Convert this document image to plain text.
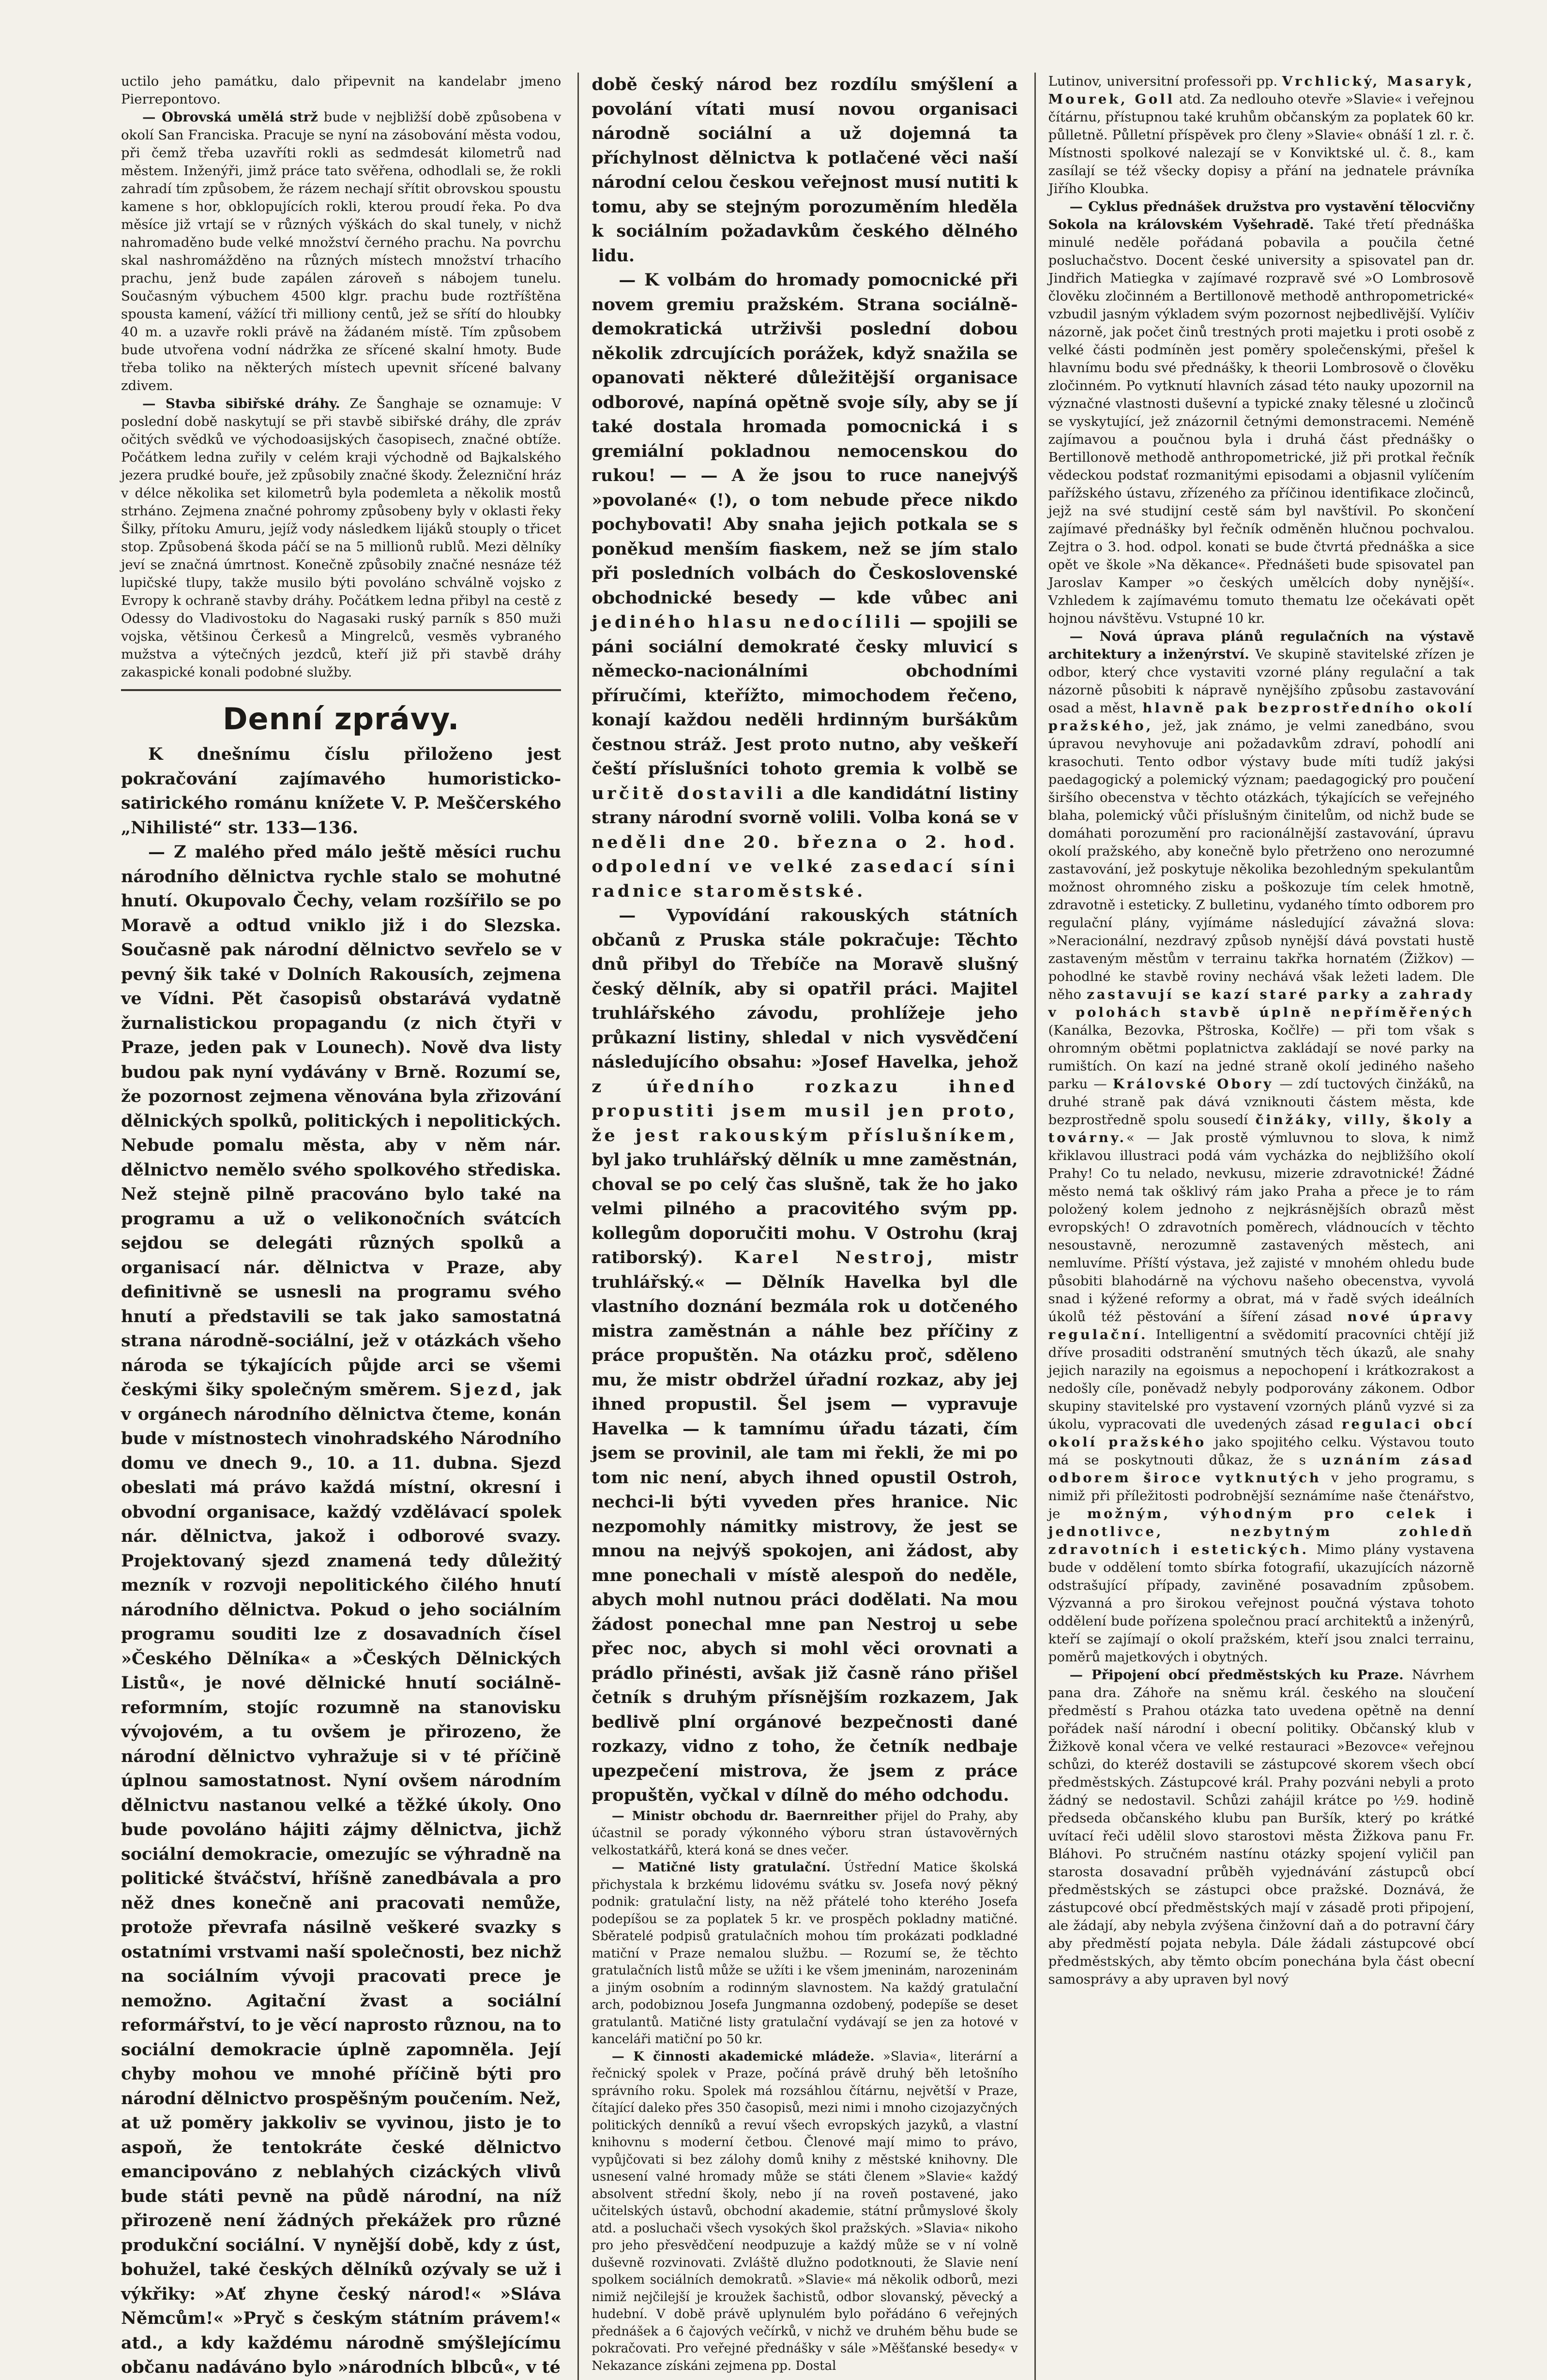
uctilo jeho památku, dalo připevnit na kandelabr jmeno Pierrepontovo.

— Obrovská umělá strž bude v nejbližší době způsobena v okolí San Franciska. Pracuje se nyní na zásobování města vodou, při čemž třeba uzavříti rokli as sedmdesát kilometrů nad městem. Inženýři, jimž práce tato svěřena, odhodlali se, že rokli zahradí tím způsobem, že rázem nechají sřítit obrovskou spoustu kamene s hor, obklopujících rokli, kterou proudí řeka. Po dva měsíce již vrtají se v různých výškách do skal tunely, v nichž nahromaděno bude velké množství černého prachu. Na povrchu skal nashromážděno na různých místech množství trhacího prachu, jenž bude zapálen zároveň s nábojem tunelu. Současným výbuchem 4500 klgr. prachu bude roztříštěna spousta kamení, vážící tři milliony centů, jež se sřítí do hloubky 40 m. a uzavře rokli právě na žádaném místě. Tím způsobem bude utvořena vodní nádržka ze sřícené skalní hmoty. Bude třeba toliko na některých místech upevnit sřícené balvany zdivem.

— Stavba sibiřské dráhy. Ze Šanghaje se oznamuje: V poslední době naskytují se při stavbě sibiřské dráhy, dle zpráv očitých svědků ve východoasijských časopisech, značné obtíže. Počátkem ledna zuřily v celém kraji východně od Bajkalského jezera prudké bouře, jež způsobily značné škody. Železniční hráz v délce několika set kilometrů byla podemleta a několik mostů strháno. Zejmena značné pohromy způsobeny byly v oklasti řeky Šilky, přítoku Amuru, jejíž vody následkem lijáků stouply o třicet stop. Způsobená škoda páčí se na 5 millionů rublů. Mezi dělníky jeví se značná úmrtnost. Konečně způsobily značné nesnáze též lupičské tlupy, takže musilo býti povoláno schválně vojsko z Evropy k ochraně stavby dráhy. Počátkem ledna přibyl na cestě z Odessy do Vladivostoku do Nagasaki ruský parník s 850 muži vojska, většinou Čerkesů a Mingrelců, vesměs vybraného mužstva a výtečných jezdců, kteří již při stavbě dráhy zakaspické konali podobné služby.

Denní zprávy.

K dnešnímu číslu přiloženo jest pokračování zajímavého humoristicko-satirického románu knížete V. P. Meščerského „Nihilisté“ str. 133—136.

— Z malého před málo ještě měsíci ruchu národního dělnictva rychle stalo se mohutné hnutí. Okupovalo Čechy, velam rozšířilo se po Moravě a odtud vniklo již i do Slezska. Současně pak národní dělnictvo sevřelo se v pevný šik také v Dolních Rakousích, zejmena ve Vídni. Pět časopisů obstarává vydatně žurnalistickou propagandu (z nich čtyři v Praze, jeden pak v Lounech). Nově dva listy budou pak nyní vydávány v Brně. Rozumí se, že pozornost zejmena věnována byla zřizování dělnických spolků, politických i nepolitických. Nebude pomalu města, aby v něm nár. dělnictvo nemělo svého spolkového střediska. Než stejně pilně pracováno bylo také na programu a už o velikonočních svátcích sejdou se delegáti různých spolků a organisací nár. dělnictva v Praze, aby definitivně se usnesli na programu svého hnutí a představili se tak jako samostatná strana národně-sociální, jež v otázkách všeho národa se týkajících půjde arci se všemi českými šiky společným směrem. Sjezd, jak v orgánech národního dělnictva čteme, konán bude v místnostech vinohradského Národního domu ve dnech 9., 10. a 11. dubna. Sjezd obeslati má právo každá místní, okresní i obvodní organisace, každý vzdělávací spolek nár. dělnictva, jakož i odborové svazy. Projektovaný sjezd znamená tedy důležitý mezník v rozvoji nepolitického čilého hnutí národního dělnictva. Pokud o jeho sociálním programu souditi lze z dosavadních čísel »Českého Dělníka« a »Českých Dělnických Listů«, je nové dělnické hnutí sociálně-reformním, stojíc rozumně na stanovisku vývojovém, a tu ovšem je přirozeno, že národní dělnictvo vyhražuje si v té příčině úplnou samostatnost. Nyní ovšem národním dělnictvu nastanou velké a těžké úkoly. Ono bude povoláno hájiti zájmy dělnictva, jichž sociální demokracie, omezujíc se výhradně na politické štváčství, hříšně zanedbávala a pro něž dnes konečně ani pracovati nemůže, protože převrafa násilně veškeré svazky s ostatními vrstvami naší společnosti, bez nichž na sociálním vývoji pracovati prece je nemožno. Agitační žvast a sociální reformářství, to je věcí naprosto různou, na to sociální demokracie úplně zapomněla. Její chyby mohou ve mnohé příčině býti pro národní dělnictvo prospěšným poučením. Než, at už poměry jakkoliv se vyvinou, jisto je to aspoň, že tentokráte české dělnictvo emancipováno z neblahých cizáckých vlivů bude státi pevně na půdě národní, na níž přirozeně není žádných překážek pro různé produkční sociální. V nynější době, kdy z úst, bohužel, také českých dělníků ozývaly se už i výkřiky: »Ať zhyne český národ!« »Sláva Němcům!« »Pryč s českým státním právem!« atd., a kdy každému národně smýšlejícímu občanu nadáváno bylo »národních blbců«, v té

době český národ bez rozdílu smýšlení a povolání vítati musí novou organisaci národně sociální a už dojemná ta příchylnost dělnictva k potlačené věci naší národní celou českou veřejnost musí nutiti k tomu, aby se stejným porozuměním hleděla k sociálním požadavkům českého dělného lidu.

— K volbám do hromady pomocnické při novem gremiu pražském. Strana sociálně-demokratická utrživši poslední dobou několik zdrcujících porážek, když snažila se opanovati některé důležitější organisace odborové, napíná opětně svoje síly, aby se jí také dostala hromada pomocnická i s gremiální pokladnou nemocenskou do rukou! — — A že jsou to ruce nanejvýš »povolané« (!), o tom nebude přece nikdo pochybovati! Aby snaha jejich potkala se s poněkud menším fiaskem, než se jím stalo při posledních volbách do Československé obchodnické besedy — kde vůbec ani jediného hlasu nedocílili — spojili se páni sociální demokraté česky mluvicí s německo-nacionálními obchodními příručími, kteřížto, mimochodem řečeno, konají každou neděli hrdinným buršákům čestnou stráž. Jest proto nutno, aby veškeří čeští příslušníci tohoto gremia k volbě se určitě dostavili a dle kandidátní listiny strany národní svorně volili. Volba koná se v neděli dne 20. března o 2. hod. odpolední ve velké zasedací síni radnice staroměstské.

— Vypovídání rakouských státních občanů z Pruska stále pokračuje: Těchto dnů přibyl do Třebíče na Moravě slušný český dělník, aby si opatřil práci. Majitel truhlářského závodu, prohlížeje jeho průkazní listiny, shledal v nich vysvědčení následujícího obsahu: »Josef Havelka, jehož z	úředního rozkazu ihned propustiti jsem musil jen proto, že jest rakouským příslušníkem, byl jako truhlářský dělník u mne zaměstnán, choval se po celý čas slušně, tak že ho jako velmi pilného a pracovitého svým pp. kollegům doporučiti mohu. V Ostrohu (kraj ratiborský). Karel Nestroj, mistr truhlářský.« — Dělník Havelka byl dle vlastního doznání bezmála rok u dotčeného mistra zaměstnán a náhle bez příčiny z práce propuštěn. Na otázku proč, sděleno mu, že mistr obdržel úřadní rozkaz, aby jej ihned propustil. Šel jsem — vypravuje Havelka — k tamnímu úřadu tázati, čím jsem se provinil, ale tam mi řekli, že mi po tom nic není, abych ihned opustil Ostroh, nechci-li býti vyveden přes hranice. Nic nezpomohly námitky mistrovy, že jest se mnou na nejvýš spokojen, ani žádost, aby mne ponechali v místě alespoň do neděle, abych mohl nutnou práci dodělati. Na mou žádost ponechal mne pan Nestroj u sebe přec noc, abych si mohl věci orovnati a prádlo přinésti, avšak již časně ráno přišel četník s druhým přísnějším rozkazem, Jak bedlivě plní orgánové bezpečnosti dané rozkazy, vidno z toho, že četník nedbaje upezpečení mistrova, že jsem z práce propuštěn, vyčkal v dílně do mého odchodu.

— Ministr obchodu dr. Baernreither přijel do Prahy, aby účastnil se porady výkonného výboru stran ústavověrných velkostatkářů, která koná se dnes večer.

— Matičné listy gratulační. Ústřední Matice školská přichystala k brzkému lidovému svátku sv. Josefa nový pěkný podnik: gratulační listy, na něž přátelé toho kterého Josefa podepíšou se za poplatek 5 kr. ve prospěch pokladny matičné. Sběratelé podpisů gratulačních mohou tím prokázati podkladné matiční v Praze nemalou službu. — Rozumí se, že těchto gratulačních listů může se užíti i ke všem jmeninám, narozeninám a jiným osobním a rodinným slavnostem. Na každý gratulační arch, podobiznou Josefa Jungmanna ozdobený, podepíše se deset gratulantů. Matičné listy gratulační vydávají se jen za hotové v kanceláři matiční po 50 kr.

— K činnosti akademické mládeže. »Slavia«, literární a řečnický spolek v Praze, počíná právě druhý běh letošního správního roku. Spolek má rozsáhlou čítárnu, největší v Praze, čítající daleko přes 350 časopisů, mezi nimi i mnoho cizojazyčných politických denníků a revuí všech evropských jazyků, a vlastní knihovnu s moderní četbou. Členové mají mimo to právo, vypůjčovati si bez zálohy domů knihy z městské knihovny. Dle usnesení valné hromady může se státi členem »Slavie« každý absolvent střední školy, nebo jí na roveň postavené, jako učitelských ústavů, obchodní akademie, státní průmyslové školy atd. a posluchači všech vysokých škol pražských. »Slavia« nikoho pro jeho přesvědčení neodpuzuje a každý může se v ní volně duševně rozvinovati. Zvláště dlužno podotknouti, že Slavie není spolkem sociálních demokratů. »Slavie« má několik odborů, mezi nimiž nejčilejší je kroužek šachistů, odbor slovanský, pěvecký a hudební. V době právě uplynulém bylo pořádáno 6 veřejných přednášek a 6 čajových večírků, v nichž ve druhém běhu bude se pokračovati. Pro veřejné přednášky v sále »Měšťanské besedy« v Nekazance získáni zejmena pp. Dostal

Lutinov, universitní professoři pp. Vrchlický, Masaryk, Mourek, Goll atd. Za nedlouho otevře »Slavie« i veřejnou čítárnu, přístupnou také kruhům občanským za poplatek 60 kr. půlletně. Půlletní příspěvek pro členy »Slavie« obnáší 1 zl. r. č. Místnosti spolkové nalezají se v Konviktské ul. č. 8., kam zasílají se též všecky dopisy a přání na jednatele právníka Jiřího Kloubka.

— Cyklus přednášek družstva pro vystavění tělocvičny Sokola na královském Vyšehradě. Také třetí přednáška minulé neděle pořádaná pobavila a poučila četné posluchačstvo. Docent české university a spisovatel pan dr. Jindřich Matiegka v zajímavé rozpravě své »O Lombrosově člověku zločinném a Bertillonově methodě anthropometrické« vzbudil jasným výkladem svým pozornost nejbedlivější. Vylíčiv názorně, jak počet činů trestných proti majetku i proti osobě z velké části podmíněn jest poměry společenskými, přešel k hlavnímu bodu své přednášky, k theorii Lombrosově o člověku zločinném. Po vytknutí hlavních zásad této nauky upozornil na význačné vlastnosti duševní a typické znaky tělesné u zločinců se vyskytující, jež znázornil četnými demonstracemi. Neméně zajímavou a poučnou byla i druhá část přednášky o Bertillonově methodě anthropometrické, již při protkal řečník vědeckou podstať rozmanitými episodami a objasnil vylíčením pařížského ústavu, zřízeného za příčinou identifikace zločinců, jejž na své studijní cestě sám byl navštívil. Po skončení zajímavé přednášky byl řečník odměněn hlučnou pochvalou. Zejtra o 3. hod. odpol. konati se bude čtvrtá přednáška a sice opět ve škole »Na děkance«. Přednášeti bude spisovatel pan Jaroslav Kamper »o českých umělcích doby nynější«. Vzhledem k zajímavému tomuto thematu lze očekávati opět hojnou návštěvu. Vstupné 10 kr.

— Nová úprava plánů regulačních na výstavě architektury a inženýrství. Ve skupině stavitelské zřízen je odbor, který chce vystaviti vzorné plány regulační a tak názorně působiti k nápravě nynějšího způsobu zastavování osad a měst, hlavně pak bezprostředního okolí pražského, jež, jak známo, je velmi zanedbáno, svou úpravou nevyhovuje ani požadavkům zdraví, pohodlí ani krasochuti. Tento odbor výstavy bude míti tudíž jakýsi paedagogický a polemický význam; paedagogický pro poučení širšího obecenstva v těchto otázkách, týkajících se veřejného blaha, polemický vůči příslušným činitelům, od nichž bude se domáhati porozumění pro racionálnější zastavování, úpravu okolí pražského, aby konečně bylo přetrženo ono nerozumné zastavování, jež poskytuje několika bezohledným spekulantům možnost ohromného zisku a poškozuje tím celek hmotně, zdravotně i esteticky. Z bulletinu, vydaného tímto odborem pro regulační plány, vyjímáme následující závažná slova: »Neracionální, nezdravý způsob nynější dává povstati hustě zastaveným městům v terrainu takřka hornatém (Žižkov) — pohodlné ke stavbě roviny nechává však ležeti ladem. Dle něho zastavují se kazí staré parky a zahrady v polohách stavbě úplně nepříměřených (Kanálka, Bezovka, Pštroska, Kočlře) — při tom však s ohromným obětmi poplatnictva zakládají se nové parky na rumištích. On kazí na jedné straně okolí jediného našeho parku — Královské Obory — zdí tuctových činžáků, na druhé straně pak dává vzniknouti částem města, kde bezprostředně spolu sousedí činžáky, villy, školy a továrny.« — Jak prostě výmluvnou to slova, k nimž křiklavou illustraci podá vám vycházka do nejbližšího okolí Prahy! Co tu nelado, nevkusu, mizerie zdravotnické! Žádné město nemá tak ošklivý rám jako Praha a přece je to rám položený kolem jednoho z nejkrásnějších obrazů měst evropských! O zdravotních poměrech, vládnoucích v těchto nesoustavně, nerozumně zastavených městech, ani nemluvíme. Příští výstava, jež zajisté v mnohém ohledu bude působiti blahodárně na výchovu našeho obecenstva, vyvolá snad i kýžené reformy a obrat, má v řadě svých ideálních úkolů též pěstování a šíření zásad nové úpravy regulační. Intelligentní a svědomití pracovníci chtějí již dříve prosaditi odstranění smutných těch úkazů, ale snahy jejich narazily na egoismus a nepochopení i krátkozrakost a nedošly cíle, poněvadž nebyly podporovány zákonem. Odbor skupiny stavitelské pro vystavení vzorných plánů vyzvé si za úkolu, vypracovati dle uvedených zásad regulaci obcí okolí pražského jako spojitého celku. Výstavou touto má se poskytnouti důkaz, že s uznáním zásad odborem široce vytknutých v jeho programu, s nimiž při příležitosti podrobnější seznámíme naše čtenářstvo, je možným, výhodným pro celek i jednotlivce, nezbytným zohledň zdravotních i estetických. Mimo plány vystavena bude v oddělení tomto sbírka fotografií, ukazujících názorně odstrašující případy, zaviněné posavadním způsobem. Výzvanná a pro širokou veřejnost poučná výstava tohoto oddělení bude pořízena společnou prací architektů a inženýrů, kteří se zajímají o okolí pražském, kteří jsou znalci terrainu, poměrů majetkových i obytných.

— Připojení obcí předměstských ku Praze. Návrhem pana dra. Záhoře na sněmu král. českého na sloučení předměstí s Prahou otázka tato uvedena opětně na denní pořádek naší národní i obecní politiky. Občanský klub v Žižkově konal včera ve velké restauraci »Bezovce« veřejnou schůzi, do kteréž dostavili se zástupcové skorem všech obcí předměstských. Zástupcové král. Prahy pozváni nebyli a proto žádný se nedostavil. Schůzi zahájil krátce po ½9. hodině předseda občanského klubu pan Buršík, který po krátké uvítací řeči udělil slovo starostovi města Žižkova panu Fr. Bláhovi. Po stručném nastínu otázky spojení vyličil pan starosta dosavadní průběh vyjednávání zástupců obcí předměstských se zástupci obce pražské. Doznává, že zástupcové obcí předměstských mají v zásadě proti připojení, ale žádají, aby nebyla zvýšena činžovní daň a do potravní čáry aby předměstí pojata nebyla. Dále žádali zástupcové obcí předměstských, aby těmto obcím ponechána byla část obecní samosprávy a aby upraven byl nový
